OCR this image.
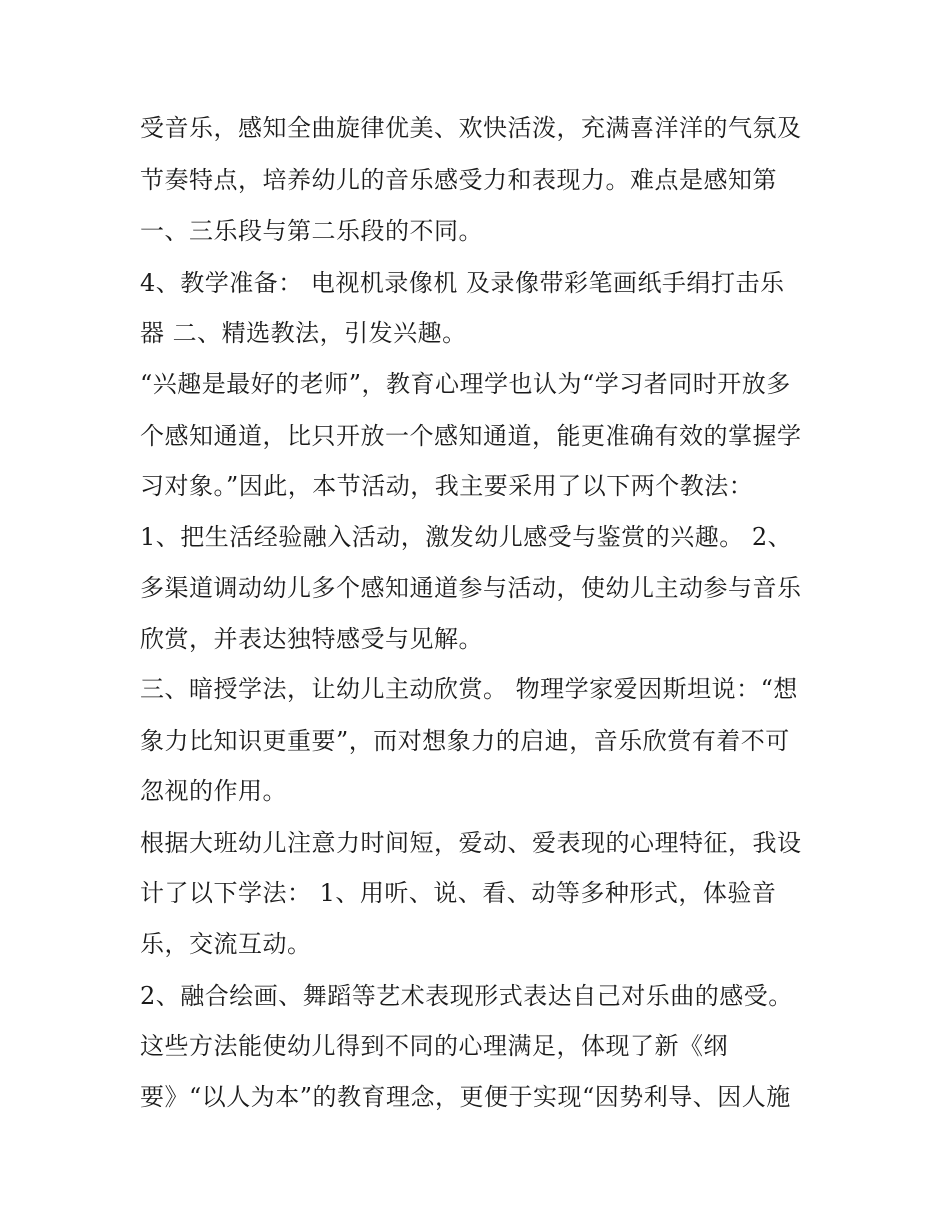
受音乐，感知全曲旋律优美、欢快活泼，充满喜洋洋的气氛及
节奏特点，培养幼儿的音乐感受力和表现力。难点是感知第
一、三乐段与第二乐段的不同。
4、教学准备： 电视机录像机 及录像带彩笔画纸手绢打击乐
器 二、精选教法，引发兴趣。
“兴趣是最好的老师”，教育心理学也认为“学习者同时开放多
个感知通道，比只开放一个感知通道，能更准确有效的掌握学
习对象。”因此，本节活动，我主要采用了以下两个教法：
1、把生活经验融入活动，激发幼儿感受与鉴赏的兴趣。 2、
多渠道调动幼儿多个感知通道参与活动，使幼儿主动参与音乐
欣赏，并表达独特感受与见解。
三、暗授学法，让幼儿主动欣赏。 物理学家爱因斯坦说：“想
象力比知识更重要”，而对想象力的启迪，音乐欣赏有着不可
忽视的作用。
根据大班幼儿注意力时间短，爱动、爱表现的心理特征，我设
计了以下学法： 1、用听、说、看、动等多种形式，体验音
乐，交流互动。
2、融合绘画、舞蹈等艺术表现形式表达自己对乐曲的感受。
这些方法能使幼儿得到不同的心理满足，体现了新《纲
要》“以人为本”的教育理念，更便于实现“因势利导、因人施
